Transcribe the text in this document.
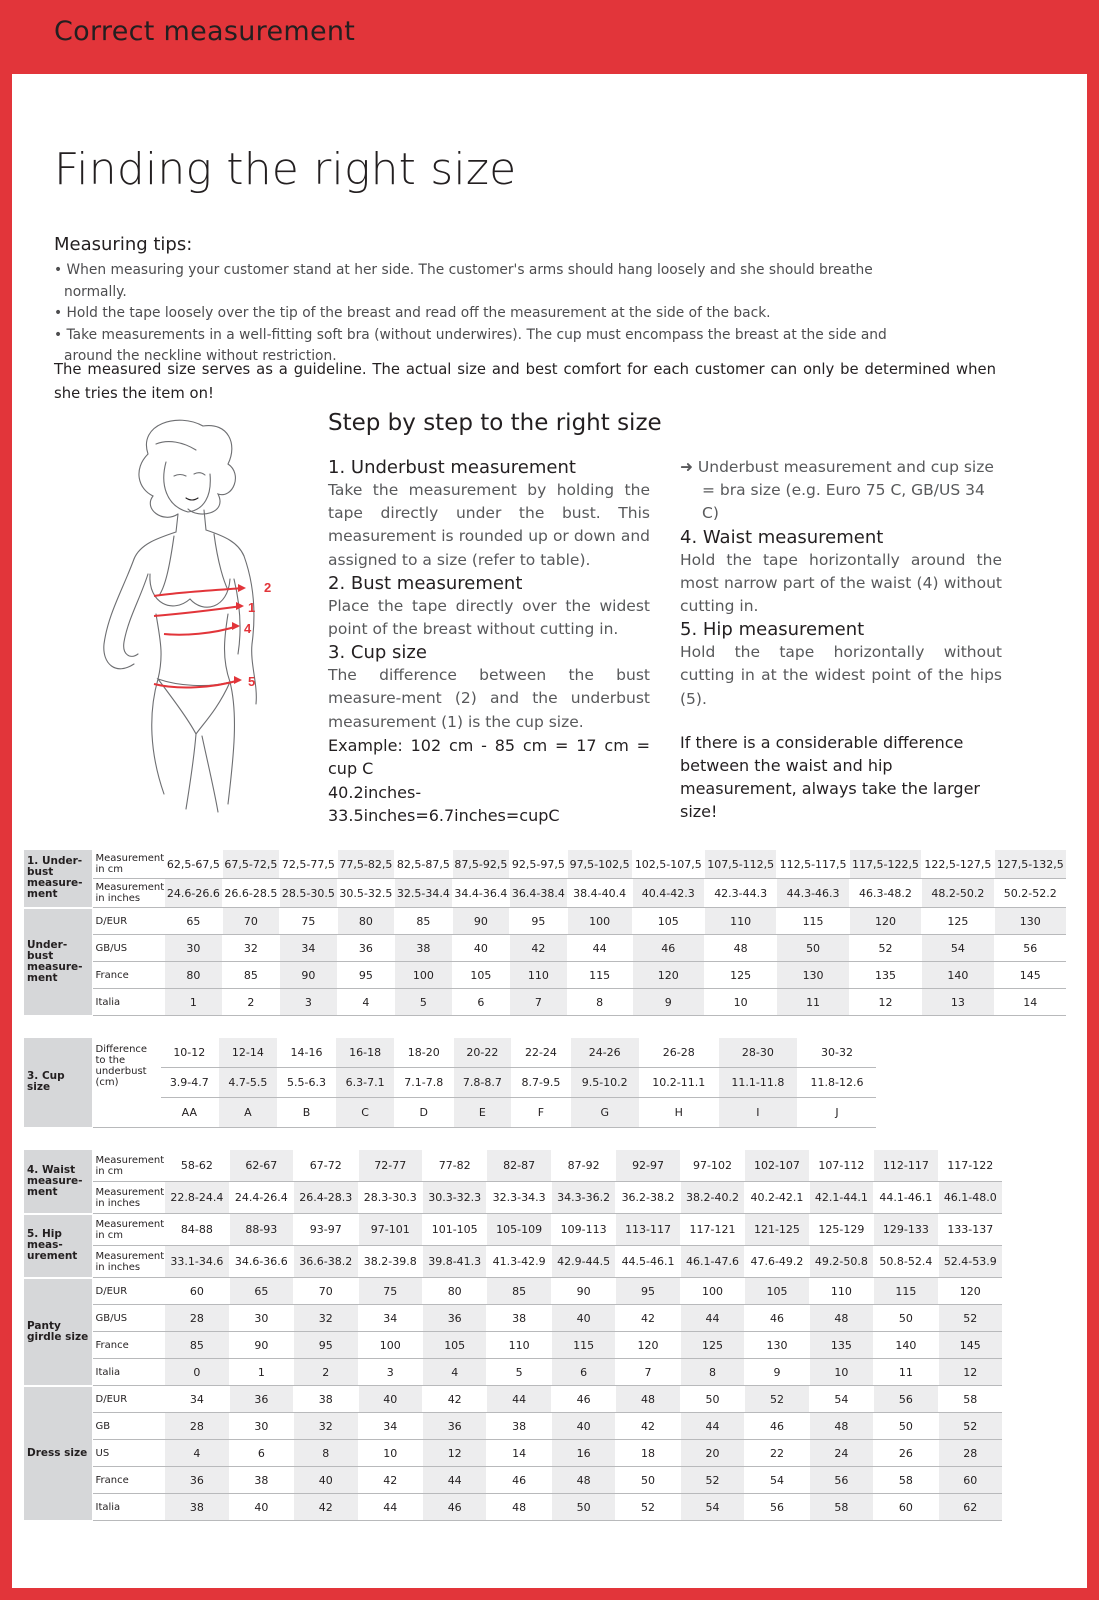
Correct measurement
Finding the right size
Measuring tips:
• When measuring your customer stand at her side. The customer's arms should hang loosely and she should breathe normally.
• Hold the tape loosely over the tip of the breast and read off the measurement at the side of the back.
• Take measurements in a well-fitting soft bra (without underwires). The cup must encompass the breast at the side and around the neckline without restriction.
The measured size serves as a guideline. The actual size and best comfort for each customer can only be determined when she tries the item on!
2
1
4
5
Step by step to the right size
1. Underbust measurement

Take the measurement by holding the tape directly under the bust. This measurement is rounded up or down and assigned to a size (refer to table).

2. Bust measurement

Place the tape directly over the widest point of the breast without cutting in.

3. Cup size

The difference between the bust measure-ment (2) and the underbust measurement (1) is the cup size.

Example: 102 cm - 85 cm = 17 cm = cup C

40.2inches-33.5inches=6.7inches=cupC

➜ Underbust measurement and cup size = bra size (e.g. Euro 75 C, GB/US 34 C)

4. Waist measurement

Hold the tape horizontally around the most narrow part of the waist (4) without cutting in.

5. Hip measurement

Hold the tape horizontally without cutting in at the widest point of the hips (5).

If there is a considerable difference between the waist and hip measurement, always take the larger size!

1. Under-bust measure-ment	Measurement in cm	62,5-67,5	67,5-72,5	72,5-77,5	77,5-82,5	82,5-87,5	87,5-92,5	92,5-97,5	97,5-102,5	102,5-107,5	107,5-112,5	112,5-117,5	117,5-122,5	122,5-127,5	127,5-132,5
	Measurement in inches	24.6-26.6	26.6-28.5	28.5-30.5	30.5-32.5	32.5-34.4	34.4-36.4	36.4-38.4	38.4-40.4	40.4-42.3	42.3-44.3	44.3-46.3	46.3-48.2	48.2-50.2	50.2-52.2
Under-bust measure-ment	D/EUR	65	70	75	80	85	90	95	100	105	110	115	120	125	130
	GB/US	30	32	34	36	38	40	42	44	46	48	50	52	54	56
	France	80	85	90	95	100	105	110	115	120	125	130	135	140	145
	Italia	1	2	3	4	5	6	7	8	9	10	11	12	13	14
3. Cup size	Difference to the underbust (cm)	10-12	12-14	14-16	16-18	18-20	20-22	22-24	24-26	26-28	28-30	30-32
		3.9-4.7	4.7-5.5	5.5-6.3	6.3-7.1	7.1-7.8	7.8-8.7	8.7-9.5	9.5-10.2	10.2-11.1	11.1-11.8	11.8-12.6
		AA	A	B	C	D	E	F	G	H	I	J
4. Waist measure-ment	Measurement in cm	58-62	62-67	67-72	72-77	77-82	82-87	87-92	92-97	97-102	102-107	107-112	112-117	117-122
	Measurement in inches	22.8-24.4	24.4-26.4	26.4-28.3	28.3-30.3	30.3-32.3	32.3-34.3	34.3-36.2	36.2-38.2	38.2-40.2	40.2-42.1	42.1-44.1	44.1-46.1	46.1-48.0
5. Hip meas-urement	Measurement in cm	84-88	88-93	93-97	97-101	101-105	105-109	109-113	113-117	117-121	121-125	125-129	129-133	133-137
	Measurement in inches	33.1-34.6	34.6-36.6	36.6-38.2	38.2-39.8	39.8-41.3	41.3-42.9	42.9-44.5	44.5-46.1	46.1-47.6	47.6-49.2	49.2-50.8	50.8-52.4	52.4-53.9
Panty girdle size	D/EUR	60	65	70	75	80	85	90	95	100	105	110	115	120
	GB/US	28	30	32	34	36	38	40	42	44	46	48	50	52
	France	85	90	95	100	105	110	115	120	125	130	135	140	145
	Italia	0	1	2	3	4	5	6	7	8	9	10	11	12
Dress size	D/EUR	34	36	38	40	42	44	46	48	50	52	54	56	58
	GB	28	30	32	34	36	38	40	42	44	46	48	50	52
	US	4	6	8	10	12	14	16	18	20	22	24	26	28
	France	36	38	40	42	44	46	48	50	52	54	56	58	60
	Italia	38	40	42	44	46	48	50	52	54	56	58	60	62
